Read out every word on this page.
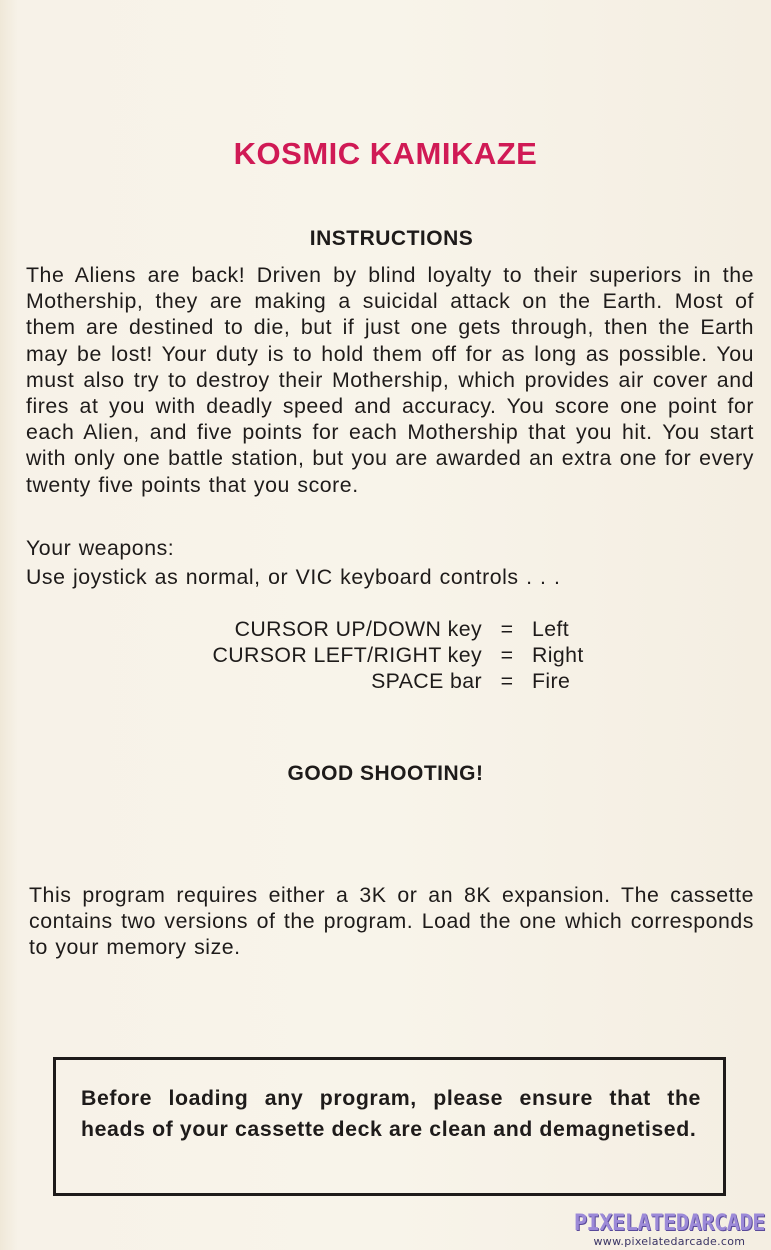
KOSMIC KAMIKAZE
INSTRUCTIONS
The Aliens are back! Driven by blind loyalty to their superiors in the Mothership, they are making a suicidal attack on the Earth. Most of them are destined to die, but if just one gets through, then the Earth may be lost! Your duty is to hold them off for as long as possible. You must also try to destroy their Mothership, which provides air cover and fires at you with deadly speed and accuracy. You score one point for each Alien, and five points for each Mothership that you hit. You start with only one battle station, but you are awarded an extra one for every twenty five points that you score.
Your weapons:
Use joystick as normal, or VIC keyboard controls . . .
CURSOR UP/DOWN key = Left
CURSOR LEFT/RIGHT key = Right
SPACE bar = Fire
GOOD SHOOTING!
This program requires either a 3K or an 8K expansion. The cassette contains two versions of the program. Load the one which corresponds to your memory size.
Before loading any program, please ensure that the heads of your cassette deck are clean and demagnetised.
PIXELATEDARCADE
www.pixelatedarcade.com
